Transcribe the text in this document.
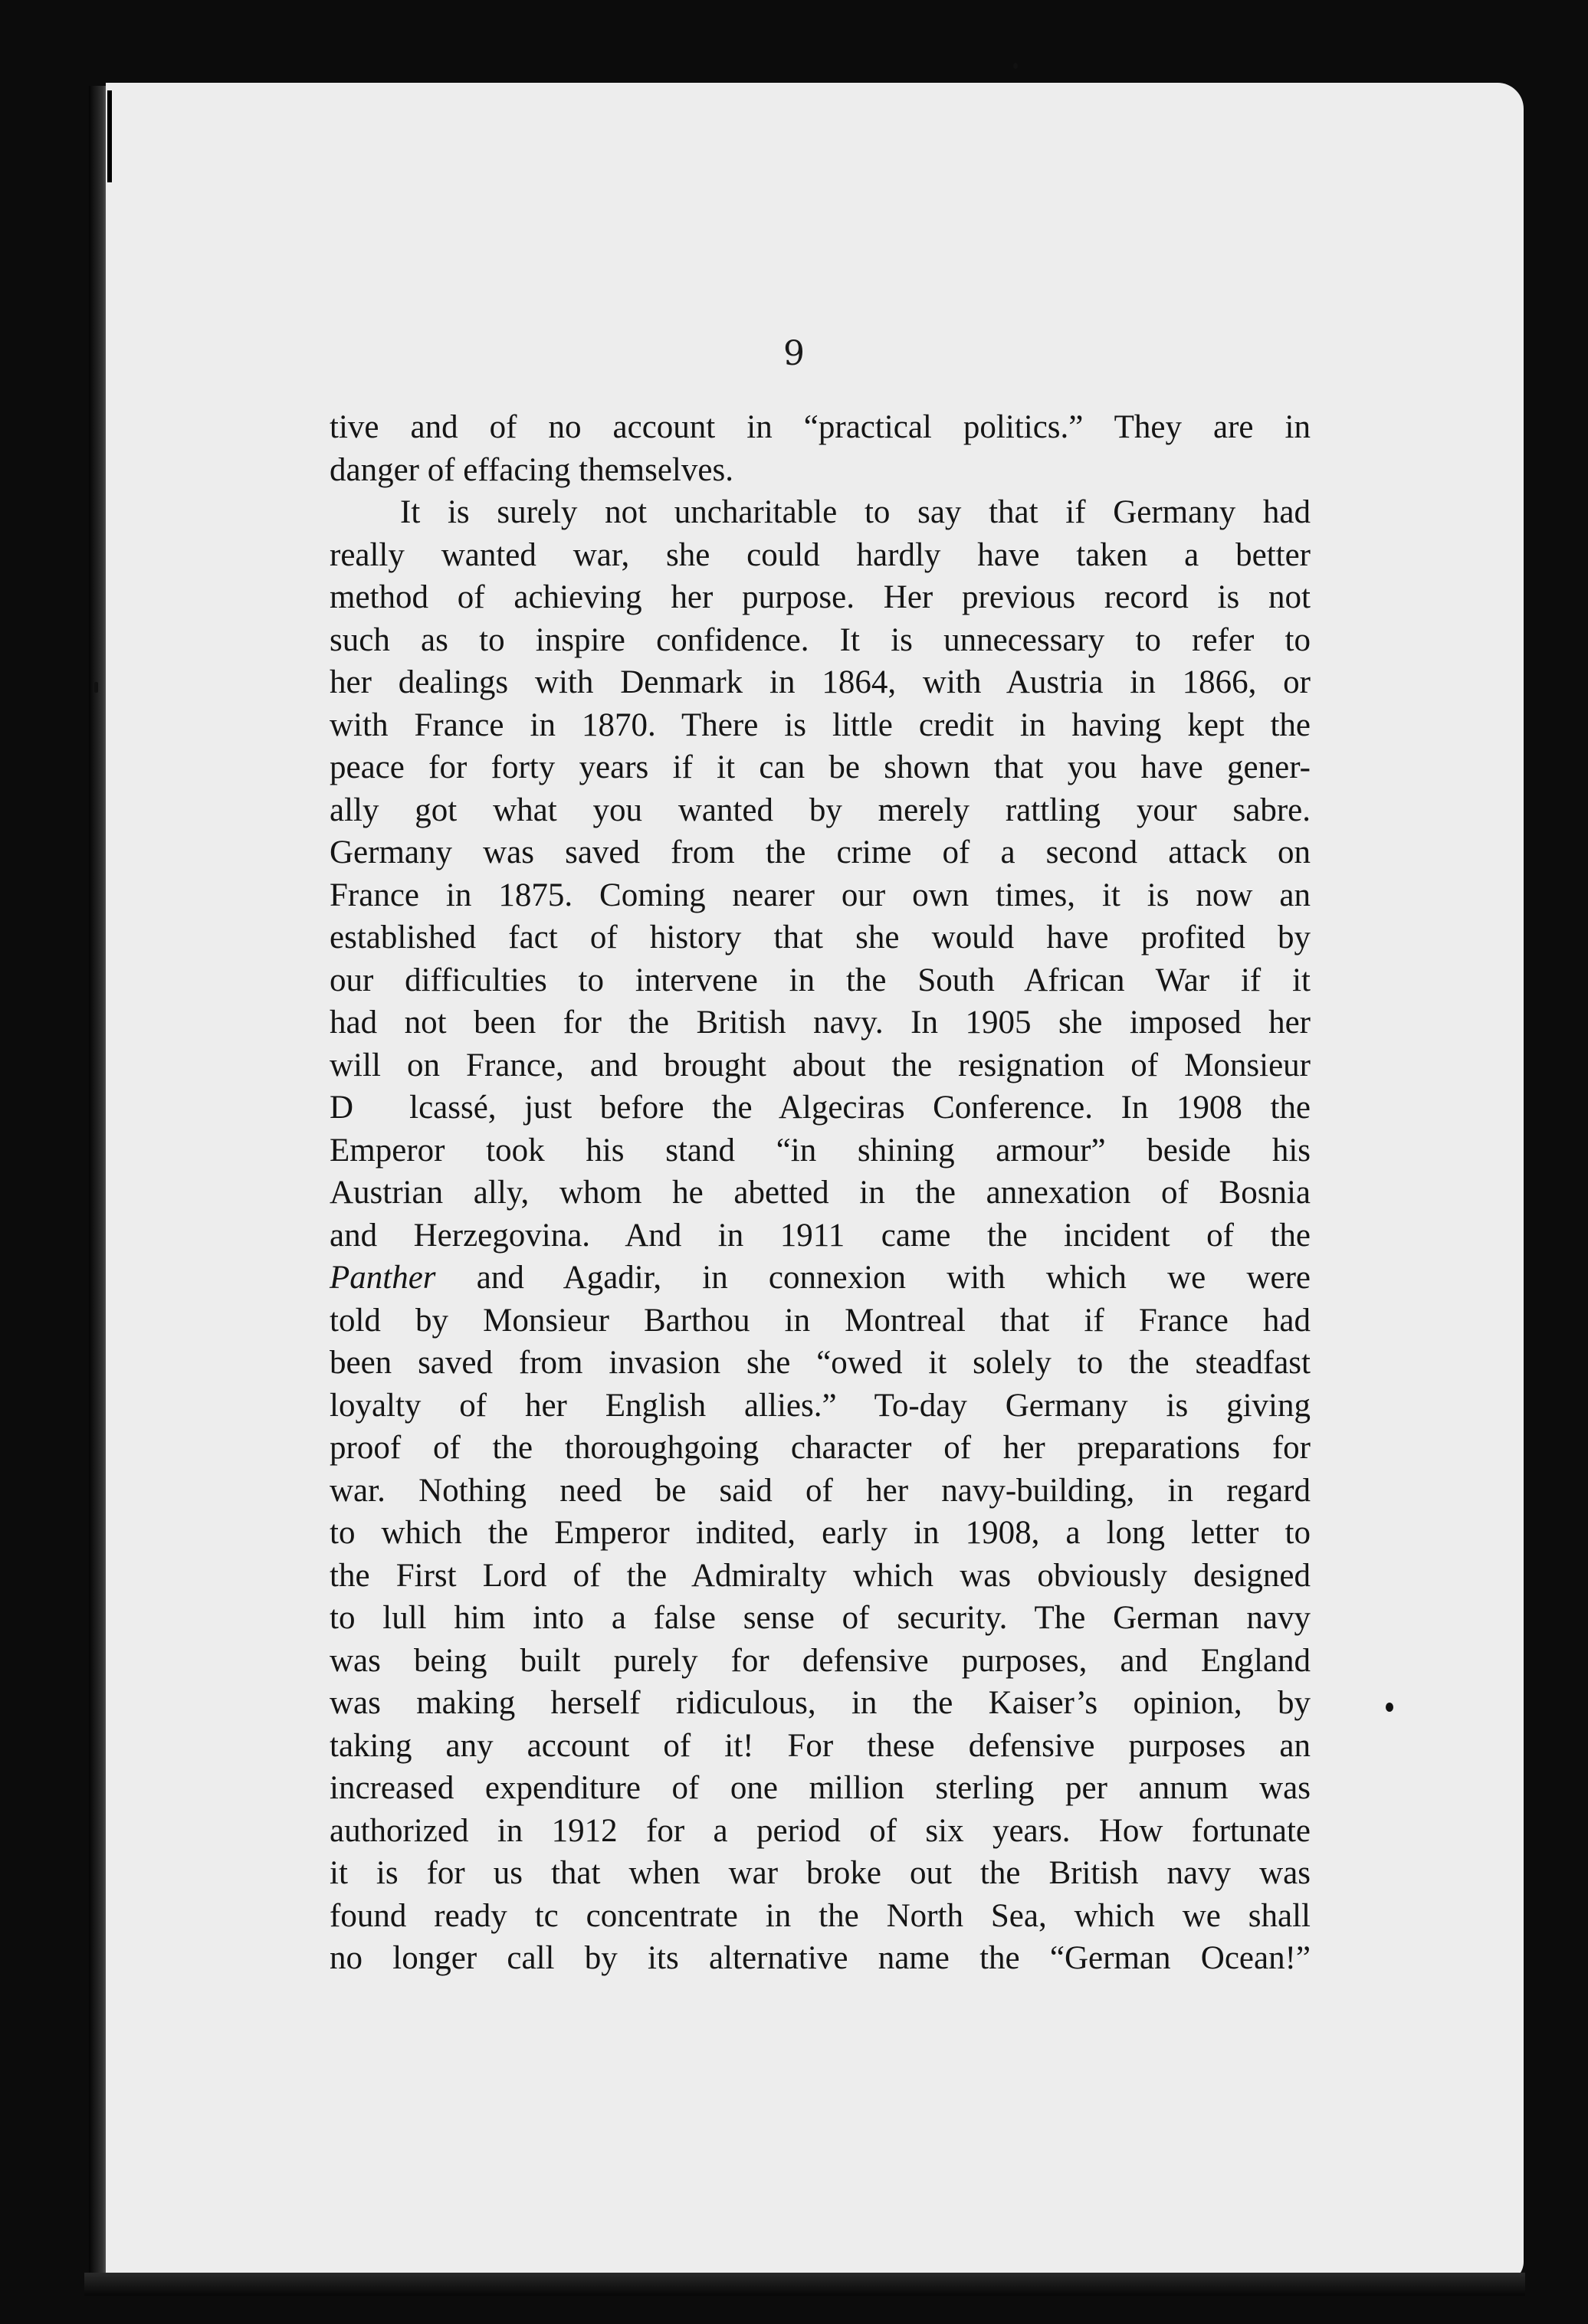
9
tive and of no account in “practical politics.” They are in
danger of effacing themselves.
It is surely not uncharitable to say that if Germany had
really wanted war, she could hardly have taken a better
method of achieving her purpose. Her previous record is not
such as to inspire confidence. It is unnecessary to refer to
her dealings with Denmark in 1864, with Austria in 1866, or
with France in 1870. There is little credit in having kept the
peace for forty years if it can be shown that you have gener-
ally got what you wanted by merely rattling your sabre.
Germany was saved from the crime of a second attack on
France in 1875. Coming nearer our own times, it is now an
established fact of history that she would have profited by
our difficulties to intervene in the South African War if it
had not been for the British navy. In 1905 she imposed her
will on France, and brought about the resignation of Monsieur
D  lcassé, just before the Algeciras Conference. In 1908 the
Emperor took his stand “in shining armour” beside his
Austrian ally, whom he abetted in the annexation of Bosnia
and Herzegovina. And in 1911 came the incident of the
Panther and Agadir, in connexion with which we were
told by Monsieur Barthou in Montreal that if France had
been saved from invasion she “owed it solely to the steadfast
loyalty of her English allies.” To-day Germany is giving
proof of the thoroughgoing character of her preparations for
war. Nothing need be said of her navy-building, in regard
to which the Emperor indited, early in 1908, a long letter to
the First Lord of the Admiralty which was obviously designed
to lull him into a false sense of security. The German navy
was being built purely for defensive purposes, and England
was making herself ridiculous, in the Kaiser’s opinion, by
taking any account of it! For these defensive purposes an
increased expenditure of one million sterling per annum was
authorized in 1912 for a period of six years. How fortunate
it is for us that when war broke out the British navy was
found ready tc concentrate in the North Sea, which we shall
no longer call by its alternative name the “German Ocean!”
